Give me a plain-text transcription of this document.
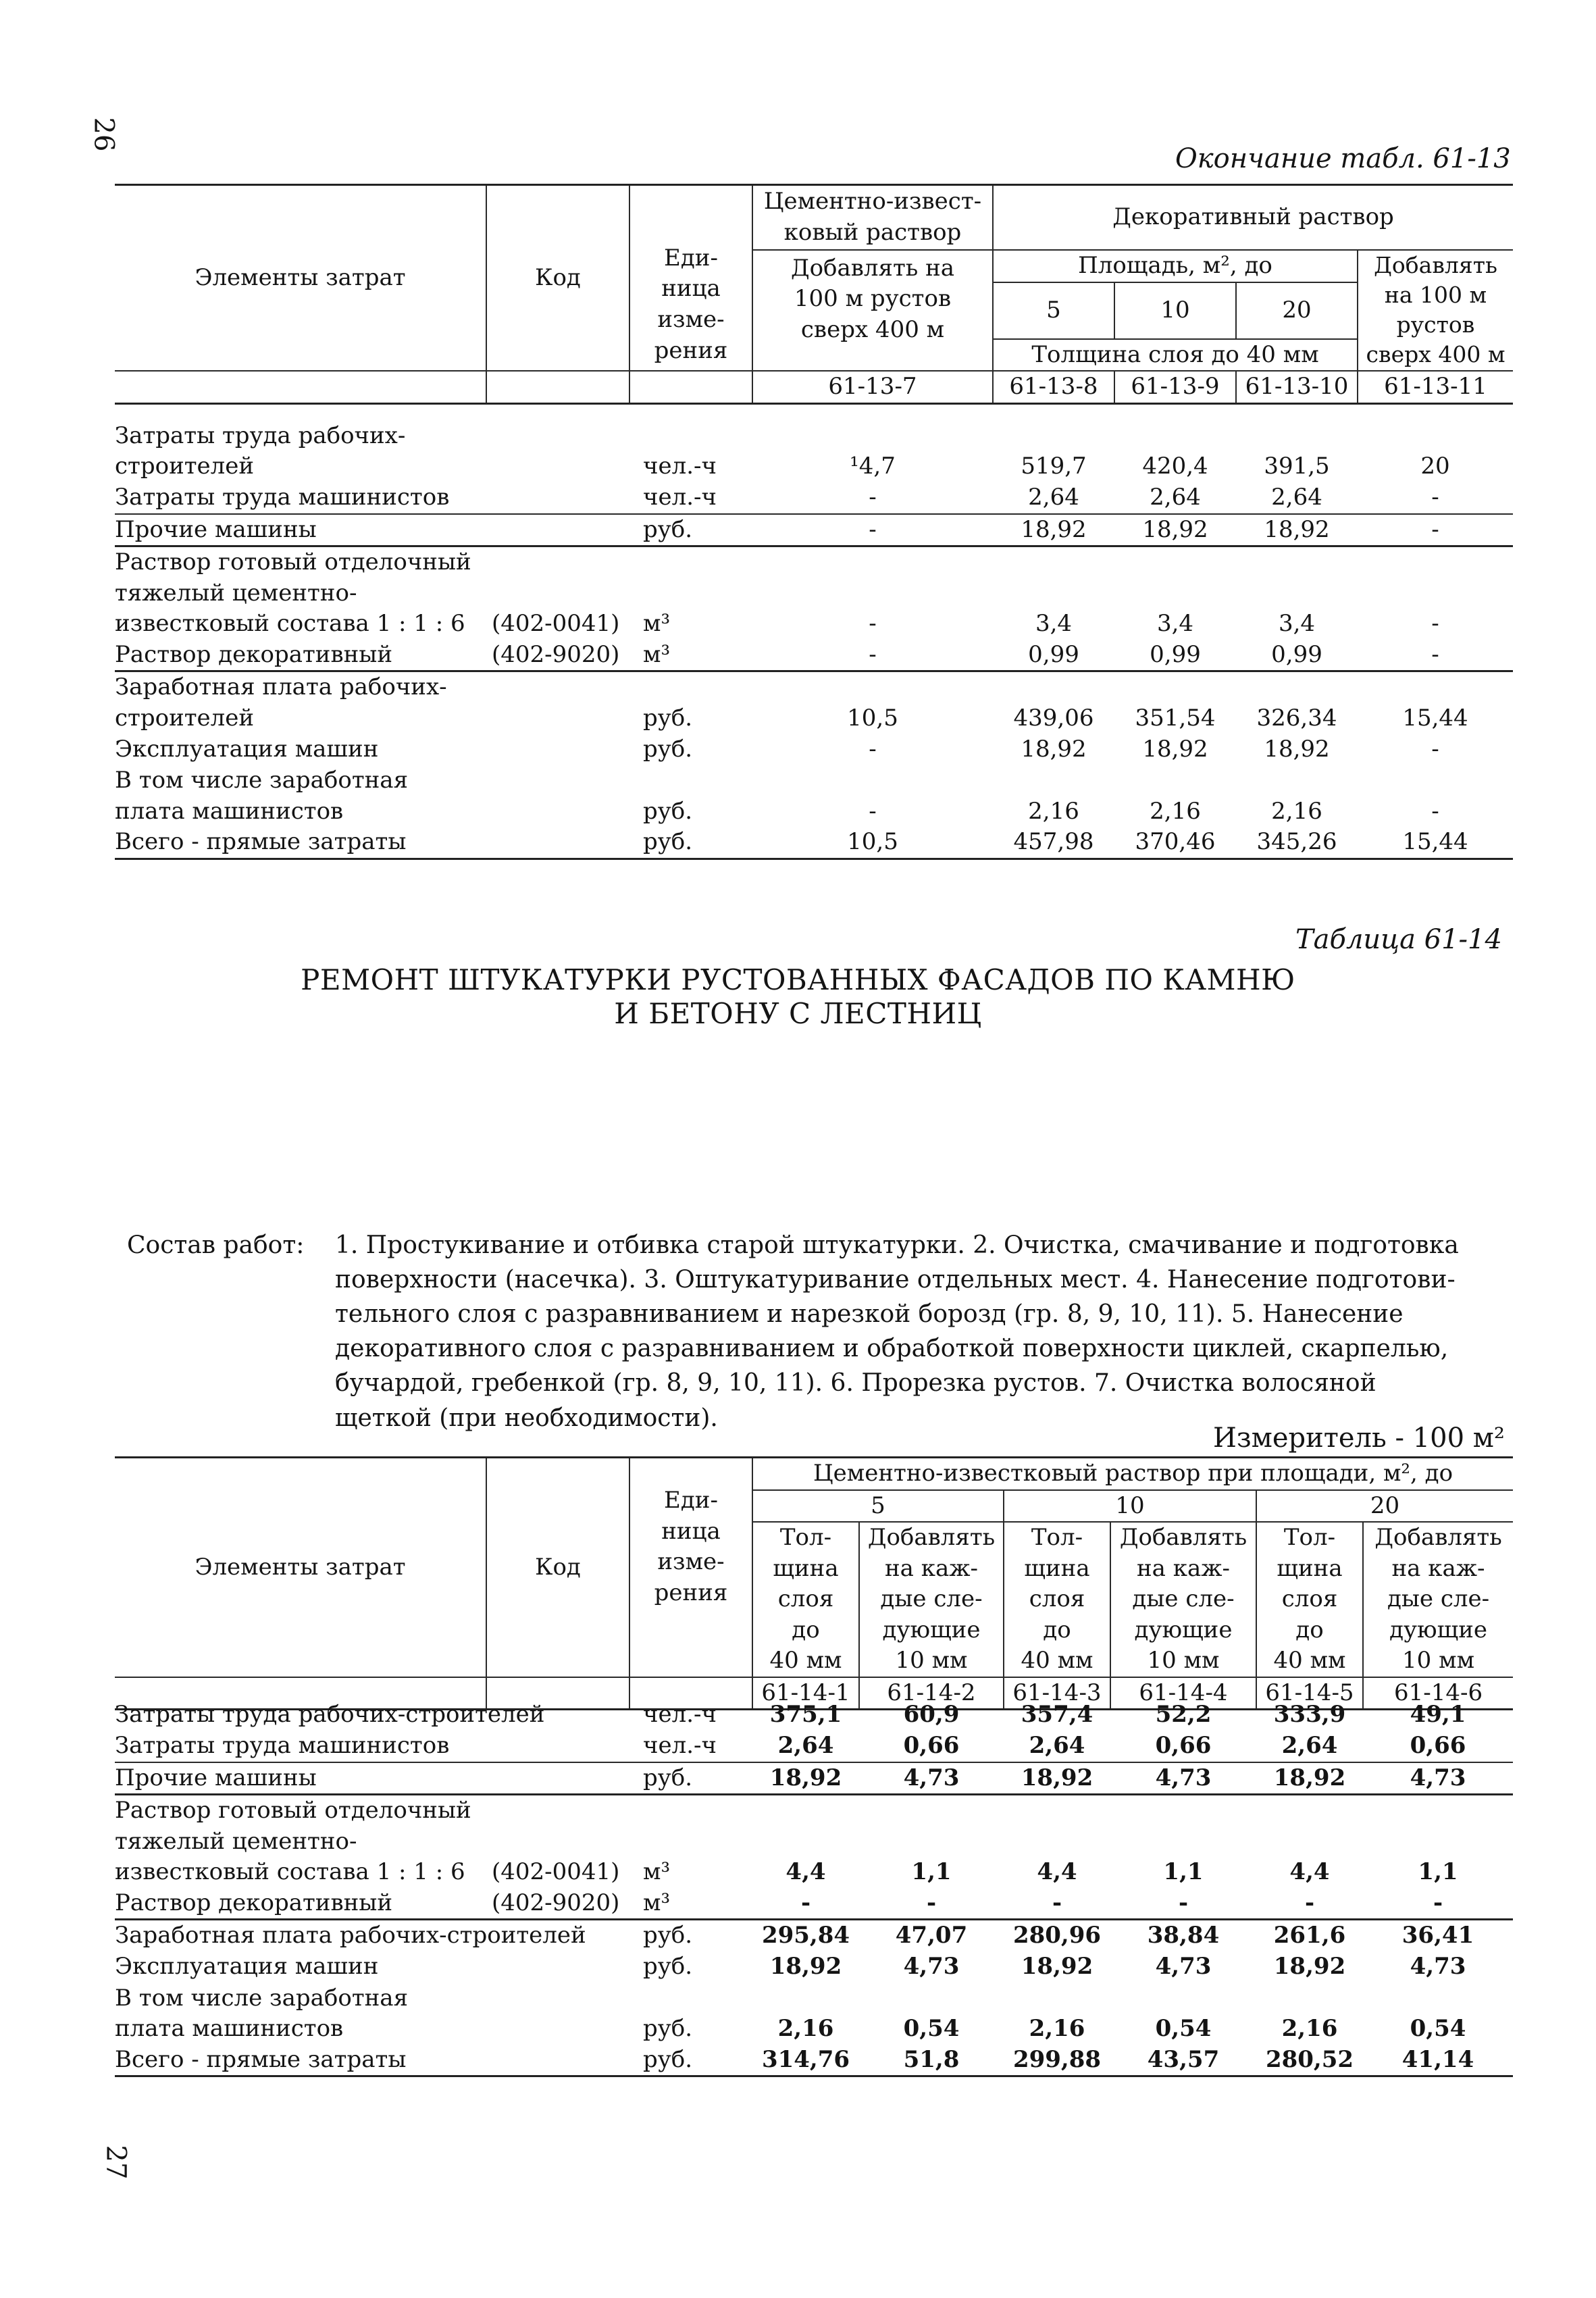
26
27
Окончание табл. 61-13
Элементы затрат	Код	Еди-
ница
изме-
рения	Цементно-извест-
ковый раствор	Декоративный раствор			
			Добавлять на
100 м рустов
сверх 400 м	Площадь, м², до			Добавлять
на 100 м
рустов
сверх 400 м
				5	10	20	
				Толщина слоя до 40 мм			
			61-13-7	61-13-8	61-13-9	61-13-10	61-13-11
Затраты труда рабочих-
строителей		чел.-ч	¹4,7	519,7	420,4	391,5	20
Затраты труда машинистов		чел.-ч	-	2,64	2,64	2,64	-
Прочие машины		руб.	-	18,92	18,92	18,92	-
Раствор готовый отделочный
тяжелый цементно-
известковый состава 1 : 1 : 6	(402-0041)	м³	-	3,4	3,4	3,4	-
Раствор декоративный	(402-9020)	м³	-	0,99	0,99	0,99	-
Заработная плата рабочих-
строителей		руб.	10,5	439,06	351,54	326,34	15,44
Эксплуатация машин		руб.	-	18,92	18,92	18,92	-
В том числе заработная
плата машинистов		руб.	-	2,16	2,16	2,16	-
Всего - прямые затраты		руб.	10,5	457,98	370,46	345,26	15,44
Таблица 61-14
РЕМОНТ ШТУКАТУРКИ РУСТОВАННЫХ ФАСАДОВ ПО КАМНЮ
И БЕТОНУ С ЛЕСТНИЦ
Состав работ: 1. Простукивание и отбивка старой штукатурки. 2. Очистка, смачивание и подготовка
поверхности (насечка). 3. Оштукатуривание отдельных мест. 4. Нанесение подготови-
тельного слоя с разравниванием и нарезкой борозд (гр. 8, 9, 10, 11). 5. Нанесение
декоративного слоя с разравниванием и обработкой поверхности циклей, скарпелью,
бучардой, гребенкой (гр. 8, 9, 10, 11). 6. Прорезка рустов. 7. Очистка волосяной
щеткой (при необходимости).
Измеритель - 100 м²
Элементы затрат	Код	Еди-
ница
изме-
рения	Цементно-известковый раствор при площади, м², до					
			5		10		20	
			Тол-
щина
слоя
до
40 мм	Добавлять
на каж-
дые сле-
дующие
10 мм	Тол-
щина
слоя
до
40 мм	Добавлять
на каж-
дые сле-
дующие
10 мм	Тол-
щина
слоя
до
40 мм	Добавлять
на каж-
дые сле-
дующие
10 мм

			61-14-1	61-14-2	61-14-3	61-14-4	61-14-5	61-14-6
Затраты труда рабочих-строителей		чел.-ч	375,1	60,9	357,4	52,2	333,9	49,1
Затраты труда машинистов		чел.-ч	2,64	0,66	2,64	0,66	2,64	0,66
Прочие машины		руб.	18,92	4,73	18,92	4,73	18,92	4,73
Раствор готовый отделочный
тяжелый цементно-
известковый состава 1 : 1 : 6	(402-0041)	м³	4,4	1,1	4,4	1,1	4,4	1,1
Раствор декоративный	(402-9020)	м³	-	-	-	-	-	-
Заработная плата рабочих-строителей		руб.	295,84	47,07	280,96	38,84	261,6	36,41
Эксплуатация машин		руб.	18,92	4,73	18,92	4,73	18,92	4,73
В том числе заработная
плата машинистов		руб.	2,16	0,54	2,16	0,54	2,16	0,54
Всего - прямые затраты		руб.	314,76	51,8	299,88	43,57	280,52	41,14
